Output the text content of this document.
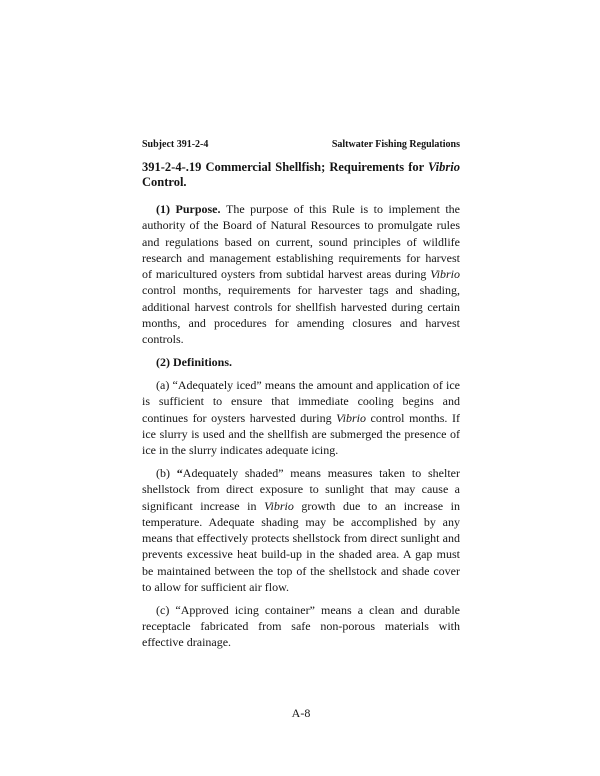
Subject 391-2-4	Saltwater Fishing Regulations
391-2-4-.19 Commercial Shellfish; Requirements for Vibrio Control.

(1) Purpose. The purpose of this Rule is to implement the authority of the Board of Natural Resources to promulgate rules and regulations based on current, sound principles of wildlife research and management establishing requirements for harvest of maricultured oysters from subtidal harvest areas during Vibrio control months, requirements for harvester tags and shading, additional harvest controls for shellfish harvested during certain months, and procedures for amending closures and harvest controls.

(2) Definitions.

(a) “Adequately iced” means the amount and application of ice is sufficient to ensure that immediate cooling begins and continues for oysters harvested during Vibrio control months. If ice slurry is used and the shellfish are submerged the presence of ice in the slurry indicates adequate icing.

(b) “Adequately shaded” means measures taken to shelter shellstock from direct exposure to sunlight that may cause a significant increase in Vibrio growth due to an increase in temperature. Adequate shading may be accomplished by any means that effectively protects shellstock from direct sunlight and prevents excessive heat build-up in the shaded area. A gap must be maintained between the top of the shellstock and shade cover to allow for sufficient air flow.

(c) “Approved icing container” means a clean and durable receptacle fabricated from safe non-porous materials with effective drainage.

A-8
